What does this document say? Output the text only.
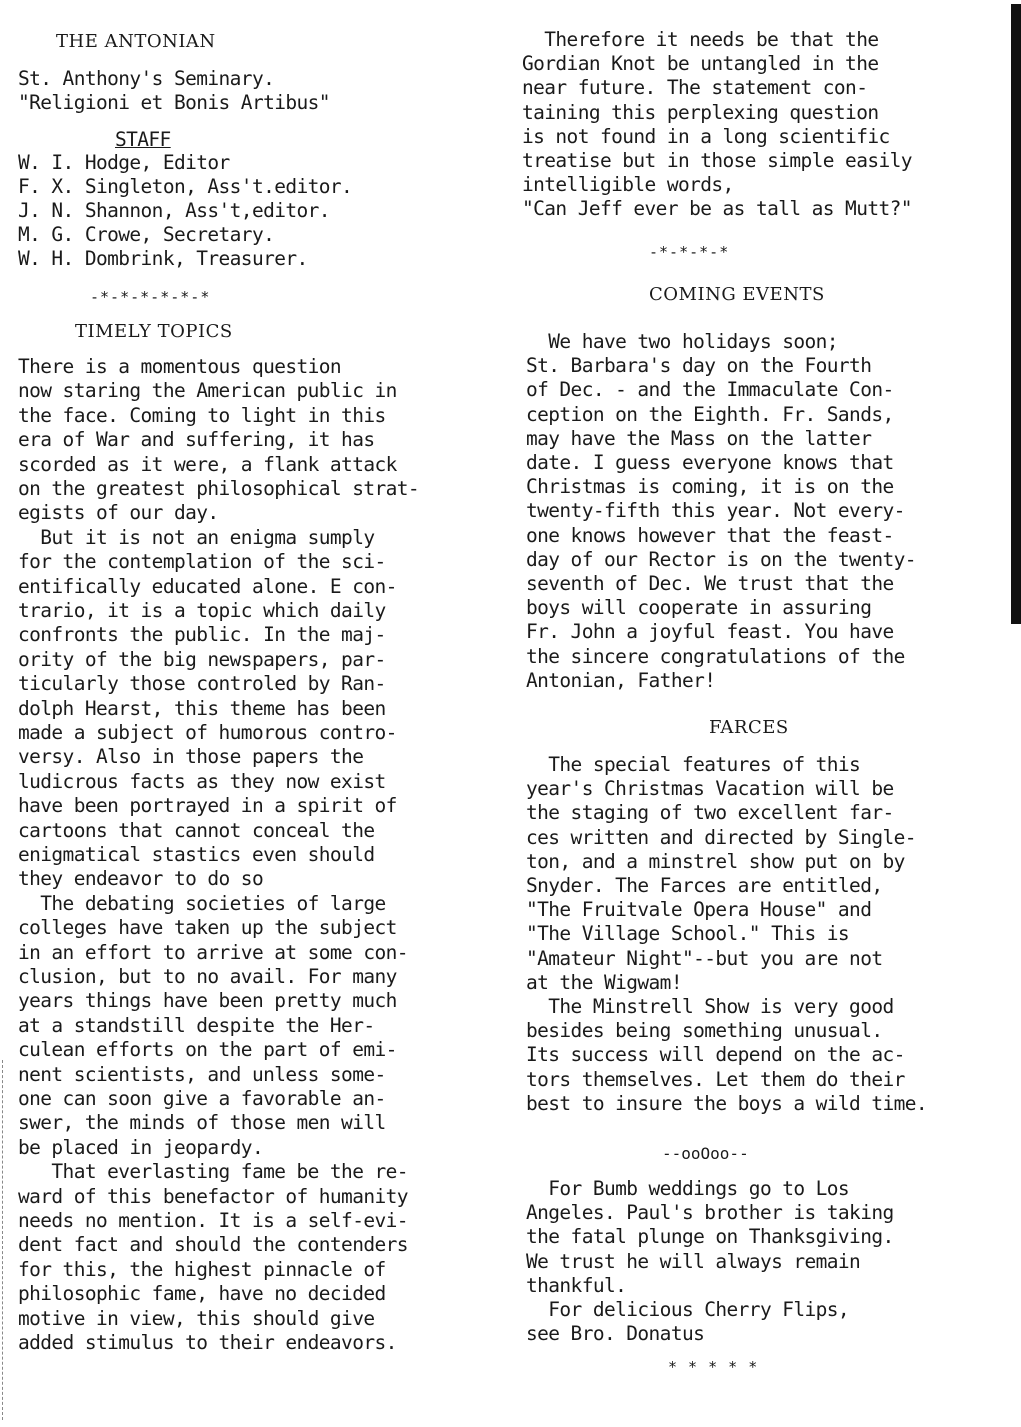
THE ANTONIAN
St. Anthony's Seminary.
"Religioni et Bonis Artibus"
STAFF
W. I. Hodge, Editor
F. X. Singleton, Ass't.editor.
J. N. Shannon, Ass't,editor.
M. G. Crowe, Secretary.
W. H. Dombrink, Treasurer.
-*-*-*-*-*-*
TIMELY TOPICS
There is a momentous question
now staring the American public in
the face. Coming to light in this
era of War and suffering, it has
scorded as it were, a flank attack
on the greatest philosophical strat-
egists of our day.
But it is not an enigma sumply
for the contemplation of the sci-
entifically educated alone. E con-
trario, it is a topic which daily
confronts the public. In the maj-
ority of the big newspapers, par-
ticularly those controled by Ran-
dolph Hearst, this theme has been
made a subject of humorous contro-
versy. Also in those papers the
ludicrous facts as they now exist
have been portrayed in a spirit of
cartoons that cannot conceal the
enigmatical stastics even should
they endeavor to do so
The debating societies of large
colleges have taken up the subject
in an effort to arrive at some con-
clusion, but to no avail. For many
years things have been pretty much
at a standstill despite the Her-
culean efforts on the part of emi-
nent scientists, and unless some-
one can soon give a favorable an-
swer, the minds of those men will
be placed in jeopardy.
That everlasting fame be the re-
ward of this benefactor of humanity
needs no mention. It is a self-evi-
dent fact and should the contenders
for this, the highest pinnacle of
philosophic fame, have no decided
motive in view, this should give
added stimulus to their endeavors.
Therefore it needs be that the
Gordian Knot be untangled in the
near future. The statement con-
taining this perplexing question
is not found in a long scientific
treatise but in those simple easily
intelligible words,
"Can Jeff ever be as tall as Mutt?"
-*-*-*-*
COMING EVENTS
We have two holidays soon;
St. Barbara's day on the Fourth
of Dec. - and the Immaculate Con-
ception on the Eighth. Fr. Sands,
may have the Mass on the latter
date. I guess everyone knows that
Christmas is coming, it is on the
twenty-fifth this year. Not every-
one knows however that the feast-
day of our Rector is on the twenty-
seventh of Dec. We trust that the
boys will cooperate in assuring
Fr. John a joyful feast. You have
the sincere congratulations of the
Antonian, Father!
FARCES
The special features of this
year's Christmas Vacation will be
the staging of two excellent far-
ces written and directed by Single-
ton, and a minstrel show put on by
Snyder. The Farces are entitled,
"The Fruitvale Opera House" and
"The Village School." This is
"Amateur Night"--but you are not
at the Wigwam!
The Minstrell Show is very good
besides being something unusual.
Its success will depend on the ac-
tors themselves. Let them do their
best to insure the boys a wild time.
--ooOoo--
For Bumb weddings go to Los
Angeles. Paul's brother is taking
the fatal plunge on Thanksgiving.
We trust he will always remain
thankful.
For delicious Cherry Flips,
see Bro. Donatus
* * * * *
